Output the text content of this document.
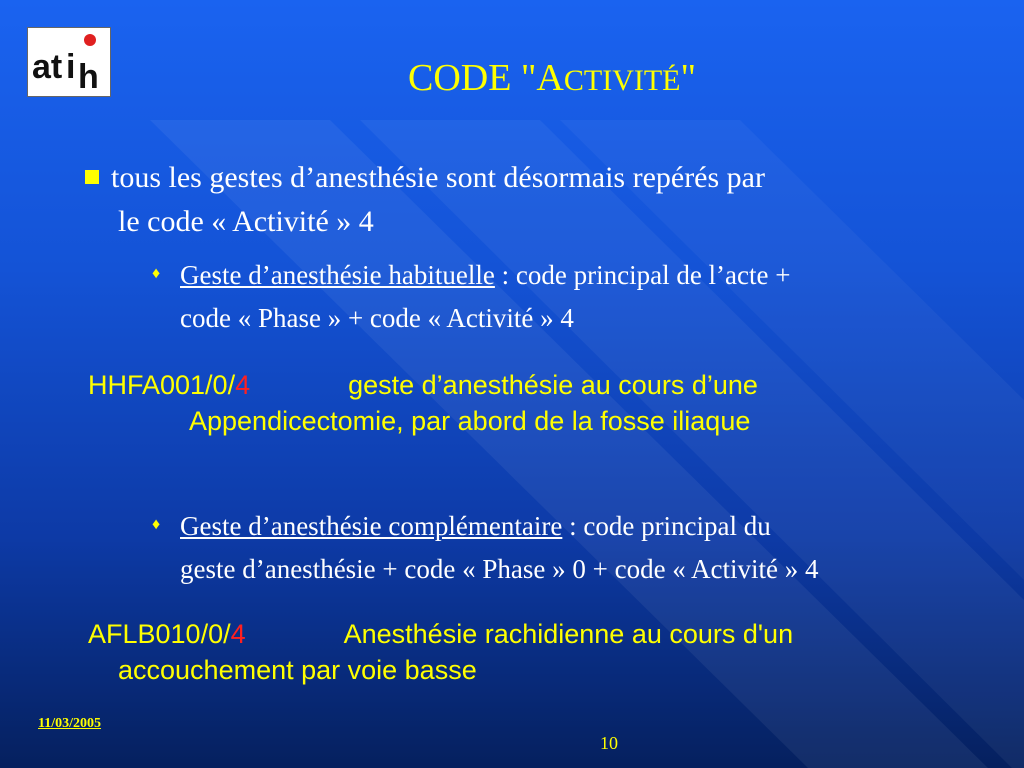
at i h	CODE "ACTIVITÉ"
tous les gestes d’anesthésie sont désormais repérés par
le code « Activité » 4
♦ Geste d’anesthésie habituelle : code principal de l’acte +
code « Phase » + code « Activité » 4
HHFA001/0/4	geste d’anesthésie au cours d’une
Appendicectomie, par abord de la fosse iliaque
♦ Geste d’anesthésie complémentaire : code principal du
geste d’anesthésie + code « Phase » 0 + code « Activité » 4
AFLB010/0/4	Anesthésie rachidienne au cours d'un
accouchement par voie basse
11/03/2005
10
